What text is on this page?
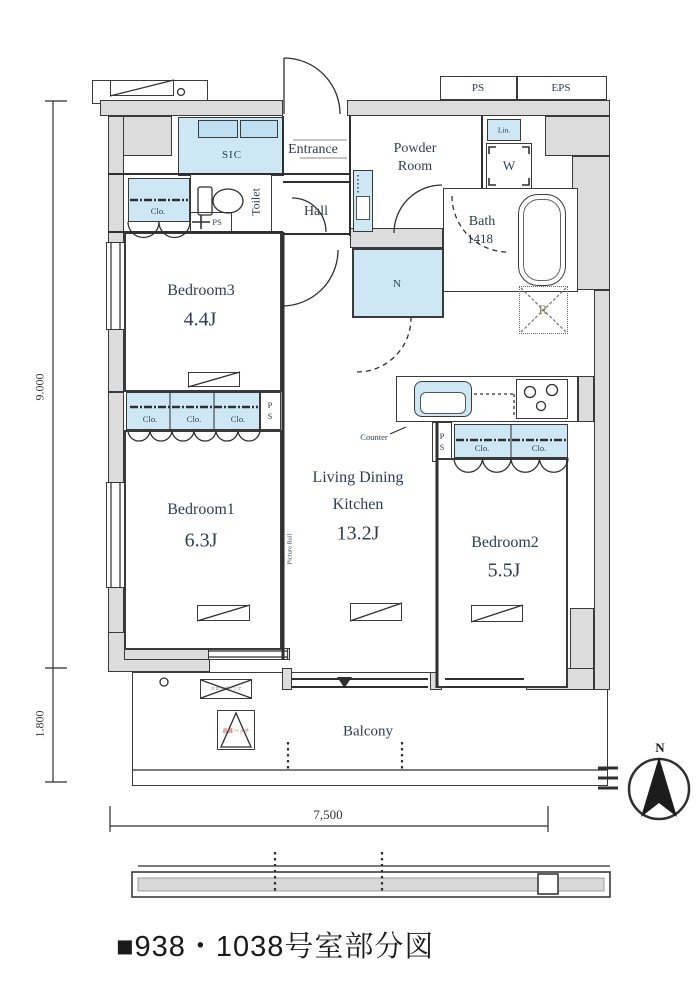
PS	EPS
SIC	Entrance	Powder Room
Lin.
W
Bath
1418
Toilet
Clo.
PS
Hall
Bedroom3
4.4J
Clo.	Clo.	Clo. PS
N
R
Counter
Living Dining
Kitchen
13.2J
Picture Rail
Bedroom1
6.3J
Clo.	Clo.
PS
Bedroom2
5.5J
Balcony
スロップシンク
避難ハッチ
9.000
1.800
7,500
N
■938・1038号室部分図
